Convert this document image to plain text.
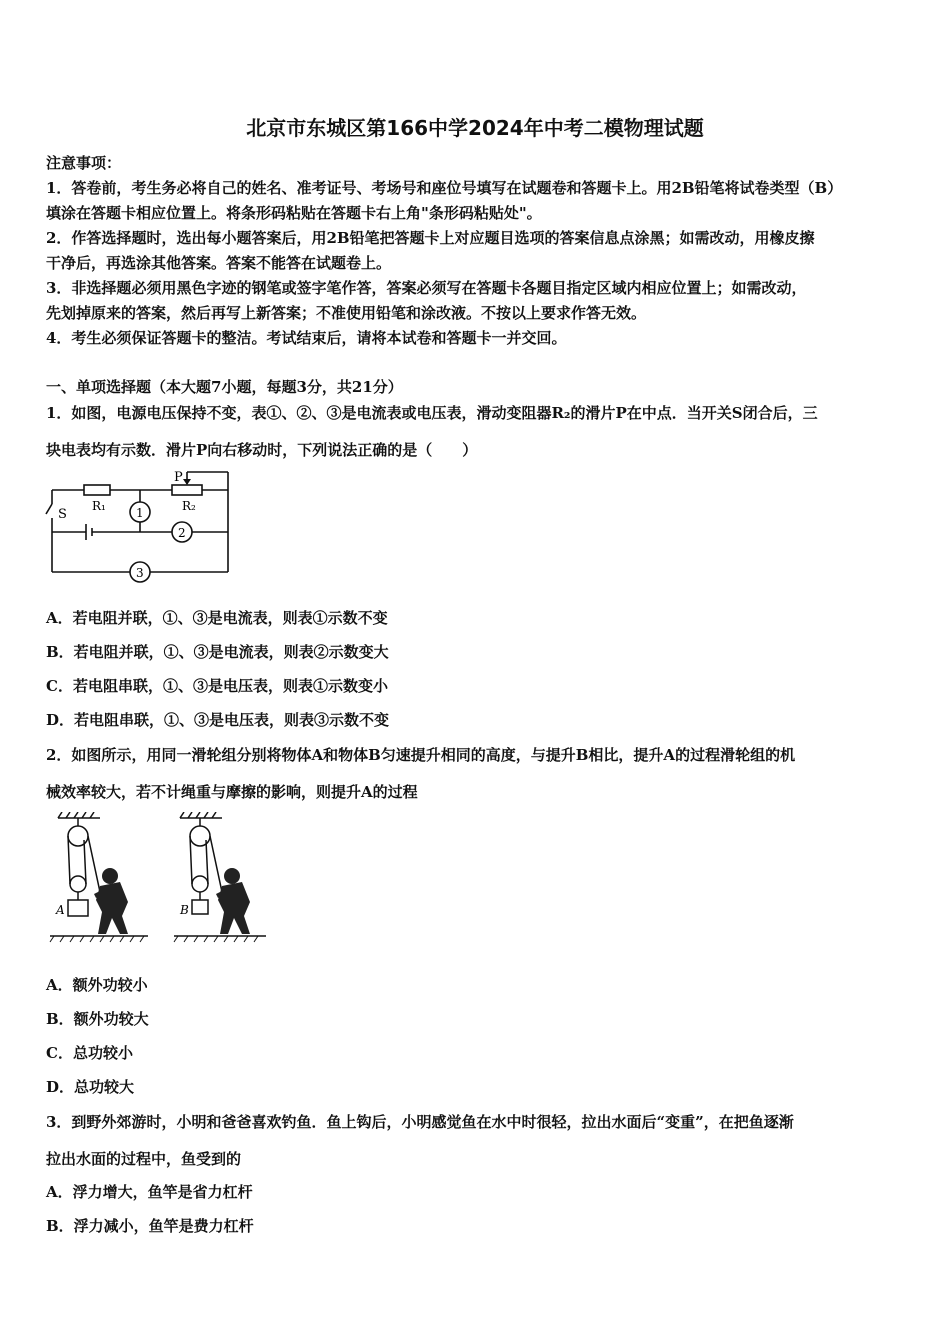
北京市东城区第166中学2024年中考二模物理试题
注意事项：
1．答卷前，考生务必将自己的姓名、准考证号、考场号和座位号填写在试题卷和答题卡上。用2B铅笔将试卷类型（B）
填涂在答题卡相应位置上。将条形码粘贴在答题卡右上角"条形码粘贴处"。
2．作答选择题时，选出每小题答案后，用2B铅笔把答题卡上对应题目选项的答案信息点涂黑；如需改动，用橡皮擦
干净后，再选涂其他答案。答案不能答在试题卷上。
3．非选择题必须用黑色字迹的钢笔或签字笔作答，答案必须写在答题卡各题目指定区域内相应位置上；如需改动，
先划掉原来的答案，然后再写上新答案；不准使用铅笔和涂改液。不按以上要求作答无效。
4．考生必须保证答题卡的整洁。考试结束后，请将本试卷和答题卡一并交回。
一、单项选择题（本大题7小题，每题3分，共21分）
1．如图，电源电压保持不变，表①、②、③是电流表或电压表，滑动变阻器R₂的滑片P在中点．当开关S闭合后，三
块电表均有示数．滑片P向右移动时，下列说法正确的是（　　）
P
S
R₁	R₂
1
2
3
A．若电阻并联，①、③是电流表，则表①示数不变
B．若电阻并联，①、③是电流表，则表②示数变大
C．若电阻串联，①、③是电压表，则表①示数变小
D．若电阻串联，①、③是电压表，则表③示数不变
2．如图所示，用同一滑轮组分别将物体A和物体B匀速提升相同的高度，与提升B相比，提升A的过程滑轮组的机
械效率较大，若不计绳重与摩擦的影响，则提升A的过程
A	B
A．额外功较小
B．额外功较大
C．总功较小
D．总功较大
3．到野外郊游时，小明和爸爸喜欢钓鱼．鱼上钩后，小明感觉鱼在水中时很轻，拉出水面后“变重”，在把鱼逐渐
拉出水面的过程中，鱼受到的
A．浮力增大，鱼竿是省力杠杆
B．浮力减小，鱼竿是费力杠杆
